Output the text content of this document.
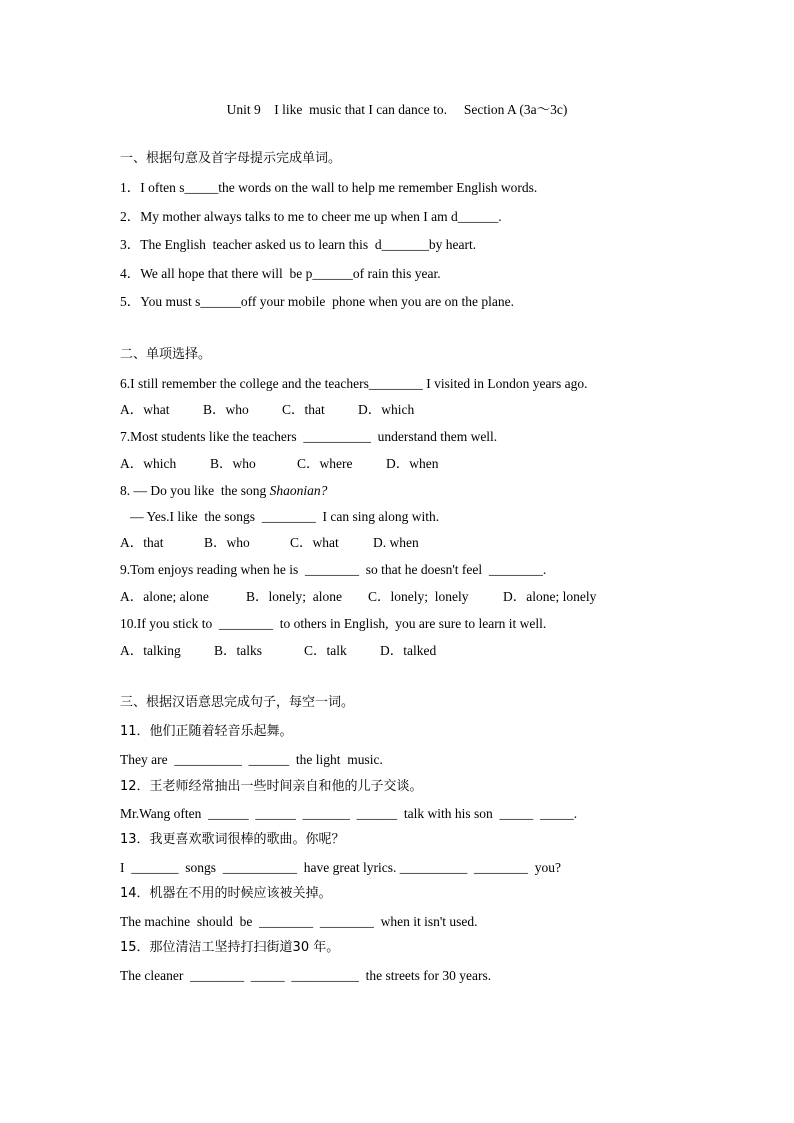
Unit 9    I like  music that I can dance to.     Section A (3a～3c)
一、根据句意及首字母提示完成单词。
1．I often s_____the words on the wall to help me remember English words.
2．My mother always talks to me to cheer me up when I am d______.
3．The English  teacher asked us to learn this  d_______by heart.
4．We all hope that there will  be p______of rain this year.
5．You must s______off your mobile  phone when you are on the plane.
二、单项选择。
6.I still remember the college and the teachers________ I visited in London years ago.
A．what B．who C．that D．which
7.Most students like the teachers  __________  understand them well.
A．which	B．who	C．where D．when
8. — Do you like  the song Shaonian?
— Yes.I like  the songs  ________  I can sing along with.
A．that	B．who	C．what	D. when
9.Tom enjoys reading when he is  ________  so that he doesn't feel  ________.
A．alone; alone	B．lonely;  alone C．lonely;  lonely	D．alone; lonely
10.If you stick to  ________  to others in English,  you are sure to learn it well.
A．talking B．talks	C．talk D．talked
三、根据汉语意思完成句子，每空一词。
11．他们正随着轻音乐起舞。
They are  __________  ______  the light  music.
12．王老师经常抽出一些时间亲自和他的儿子交谈。
Mr.Wang often  ______  ______  _______  ______  talk with his son  _____  _____.
13．我更喜欢歌词很棒的歌曲。你呢？
I  _______  songs  ___________  have great lyrics. __________  ________  you?
14．机器在不用的时候应该被关掉。
The machine  should  be  ________  ________  when it isn't used.
15．那位清洁工坚持打扫街道30 年。
The cleaner  ________  _____  __________  the streets for 30 years.
